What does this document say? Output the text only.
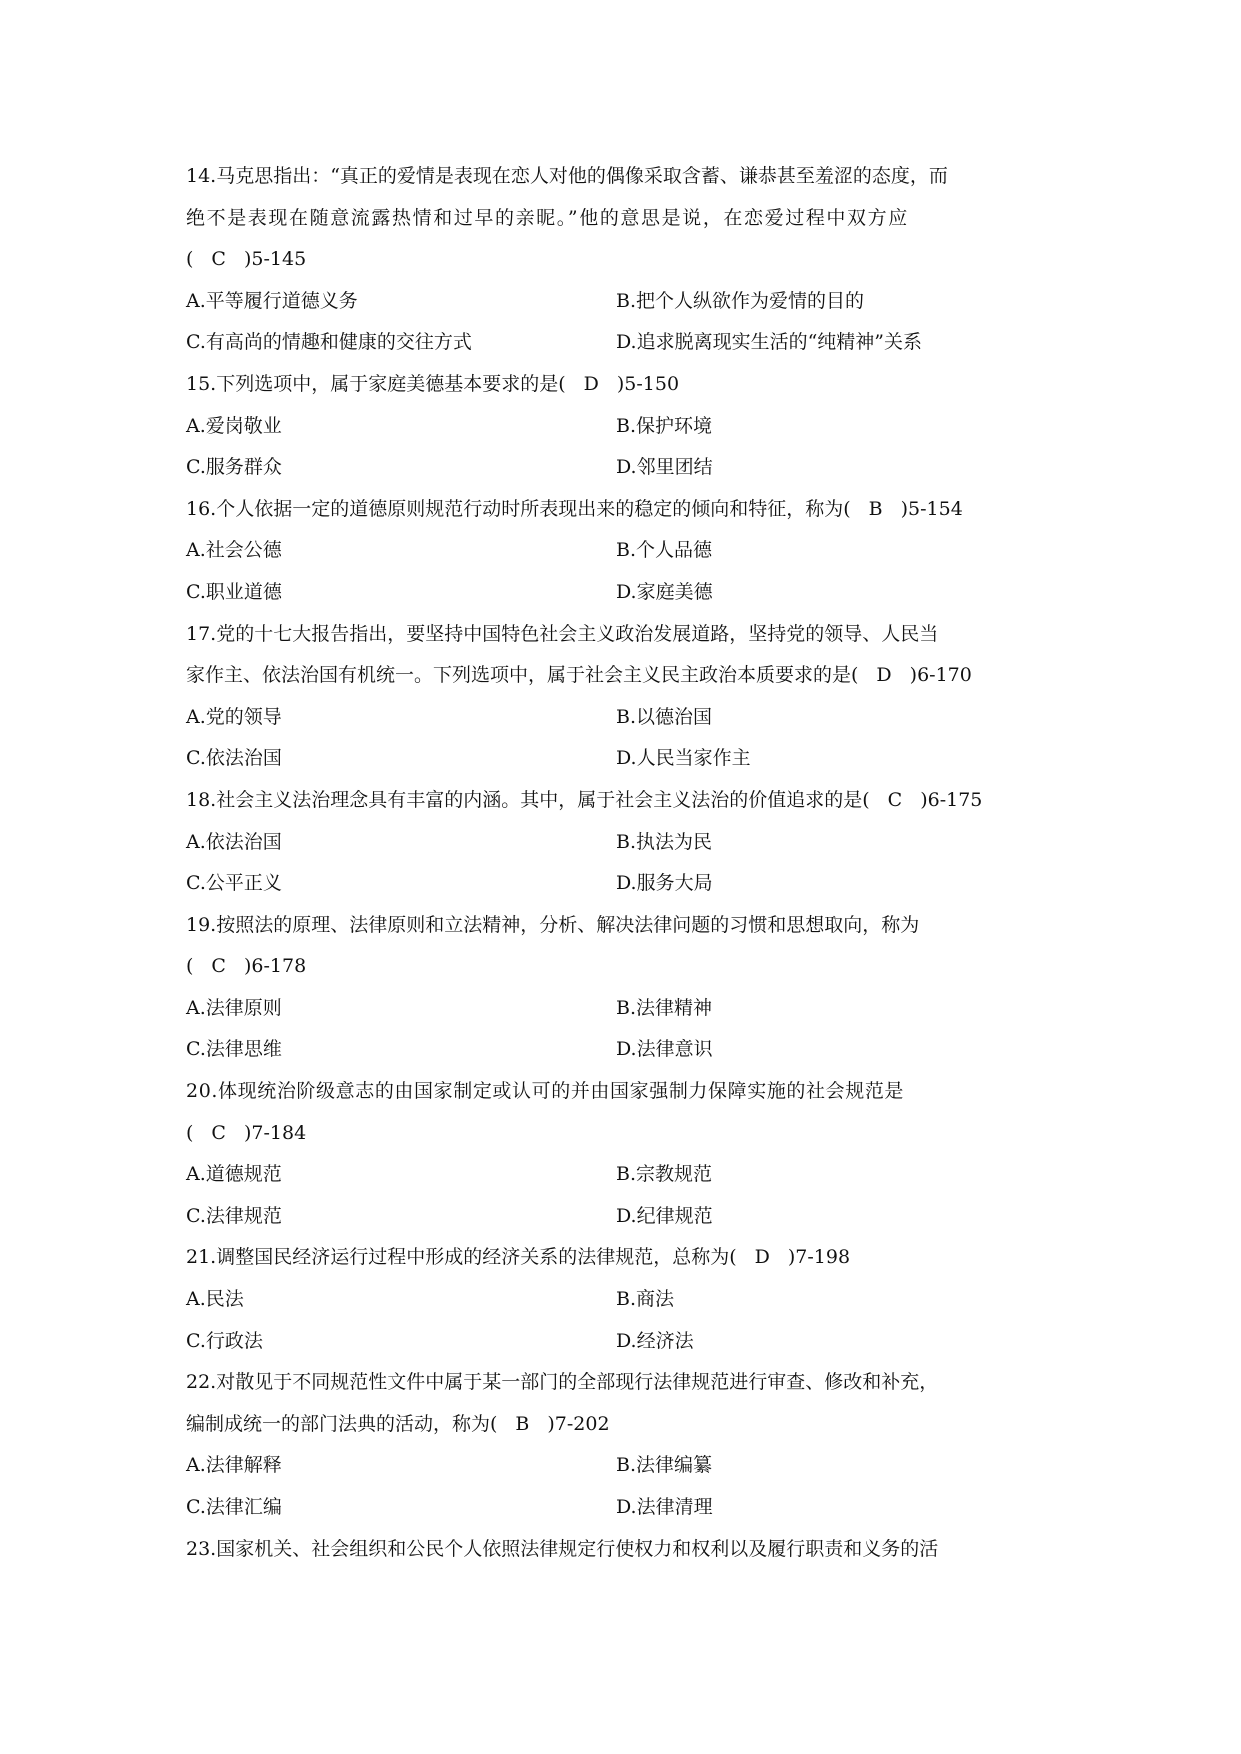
14.马克思指出：“真正的爱情是表现在恋人对他的偶像采取含蓄、谦恭甚至羞涩的态度，而
绝不是表现在随意流露热情和过早的亲昵。”他的意思是说，在恋爱过程中双方应
( C )5-145
A.平等履行道德义务	B.把个人纵欲作为爱情的目的
C.有高尚的情趣和健康的交往方式	D.追求脱离现实生活的“纯精神”关系
15.下列选项中，属于家庭美德基本要求的是( D )5-150
A.爱岗敬业	B.保护环境
C.服务群众	D.邻里团结
16.个人依据一定的道德原则规范行动时所表现出来的稳定的倾向和特征，称为( B )5-154
A.社会公德	B.个人品德
C.职业道德	D.家庭美德
17.党的十七大报告指出，要坚持中国特色社会主义政治发展道路，坚持党的领导、人民当
家作主、依法治国有机统一。下列选项中，属于社会主义民主政治本质要求的是( D )6-170
A.党的领导	B.以德治国
C.依法治国	D.人民当家作主
18.社会主义法治理念具有丰富的内涵。其中，属于社会主义法治的价值追求的是( C )6-175
A.依法治国	B.执法为民
C.公平正义	D.服务大局
19.按照法的原理、法律原则和立法精神，分析、解决法律问题的习惯和思想取向，称为
( C )6-178
A.法律原则	B.法律精神
C.法律思维	D.法律意识
20.体现统治阶级意志的由国家制定或认可的并由国家强制力保障实施的社会规范是
( C )7-184
A.道德规范	B.宗教规范
C.法律规范	D.纪律规范
21.调整国民经济运行过程中形成的经济关系的法律规范，总称为( D )7-198
A.民法	B.商法
C.行政法	D.经济法
22.对散见于不同规范性文件中属于某一部门的全部现行法律规范进行审查、修改和补充，
编制成统一的部门法典的活动，称为( B )7-202
A.法律解释	B.法律编纂
C.法律汇编	D.法律清理
23.国家机关、社会组织和公民个人依照法律规定行使权力和权利以及履行职责和义务的活
